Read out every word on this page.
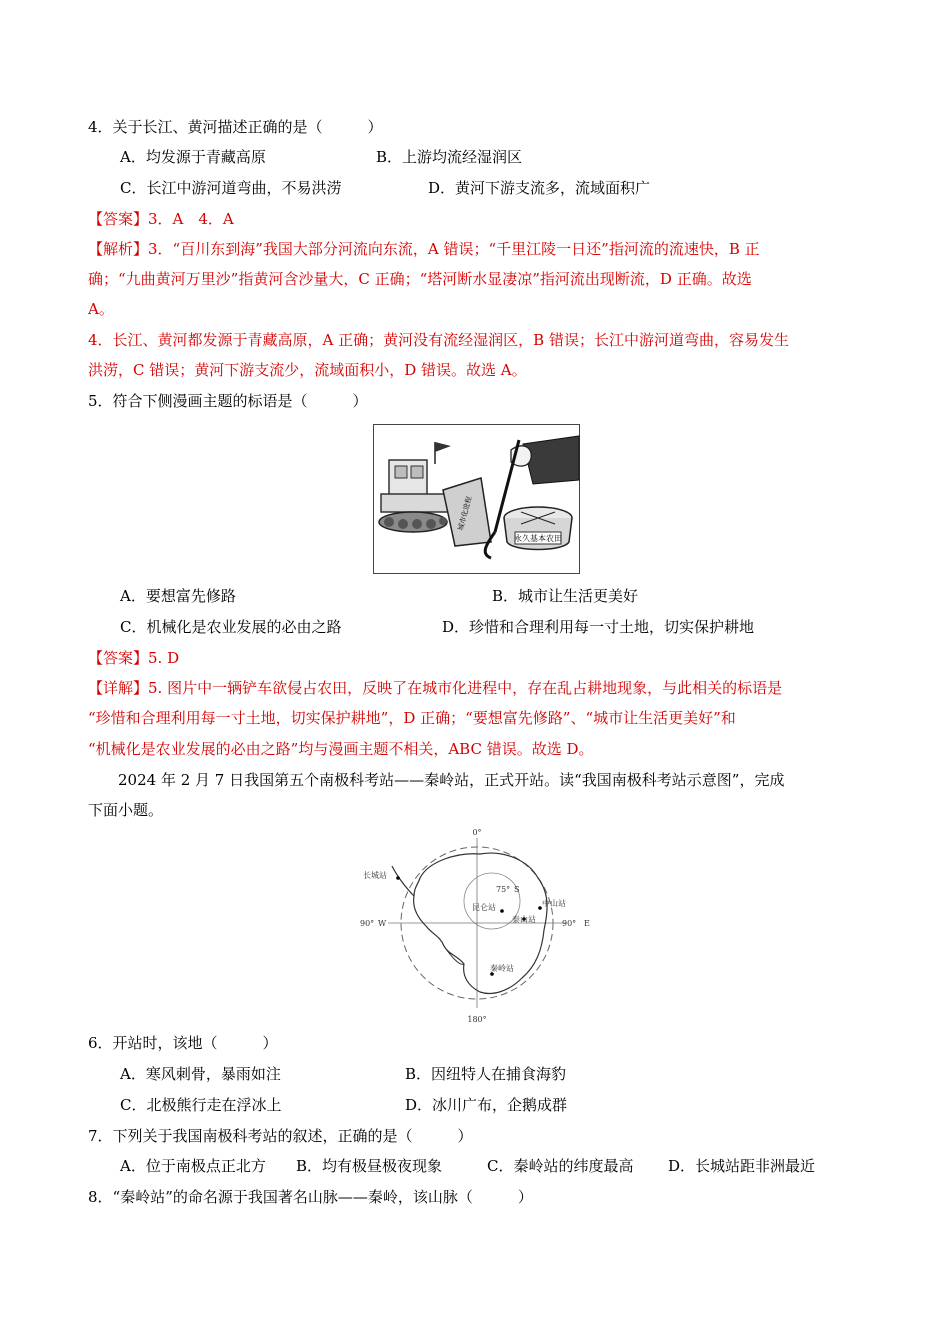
4．关于长江、黄河描述正确的是（　　　）
A．均发源于青藏高原	B．上游均流经湿润区
C．长江中游河道弯曲，不易洪涝	D．黄河下游支流多，流域面积广
【答案】3．A　4．A
【解析】3．“百川东到海”我国大部分河流向东流，A 错误；“千里江陵一日还”指河流的流速快，B 正
确；“九曲黄河万里沙”指黄河含沙量大，C 正确；“塔河断水显凄凉”指河流出现断流，D 正确。故选
A。
4．长江、黄河都发源于青藏高原，A 正确；黄河没有流经湿润区，B 错误；长江中游河道弯曲，容易发生
洪涝，C 错误；黄河下游支流少，流域面积小，D 错误。故选 A。
5．符合下侧漫画主题的标语是（　　　）
城市化进程
永久基本农田
A．要想富先修路	B．城市让生活更美好
C．机械化是农业发展的必由之路	D．珍惜和合理利用每一寸土地，切实保护耕地
【答案】5. D
【详解】5. 图片中一辆铲车欲侵占农田，反映了在城市化进程中，存在乱占耕地现象，与此相关的标语是
“珍惜和合理利用每一寸土地，切实保护耕地”，D 正确；“要想富先修路”、“城市让生活更美好”和
“机械化是农业发展的必由之路”均与漫画主题不相关，ABC 错误。故选 D。
2024 年 2 月 7 日我国第五个南极科考站——秦岭站，正式开站。读“我国南极科考站示意图”，完成
下面小题。
0°
180°
90° W	90° E
75° S
长城站
昆仑站	中山站
泰山站
秦岭站
6．开站时，该地（　　　）
A．寒风刺骨，暴雨如注	B．因纽特人在捕食海豹
C．北极熊行走在浮冰上	D．冰川广布，企鹅成群
7．下列关于我国南极科考站的叙述，正确的是（　　　）
A．位于南极点正北方 B．均有极昼极夜现象	C．秦岭站的纬度最高 D．长城站距非洲最近
8．“秦岭站”的命名源于我国著名山脉——秦岭，该山脉（　　　）
